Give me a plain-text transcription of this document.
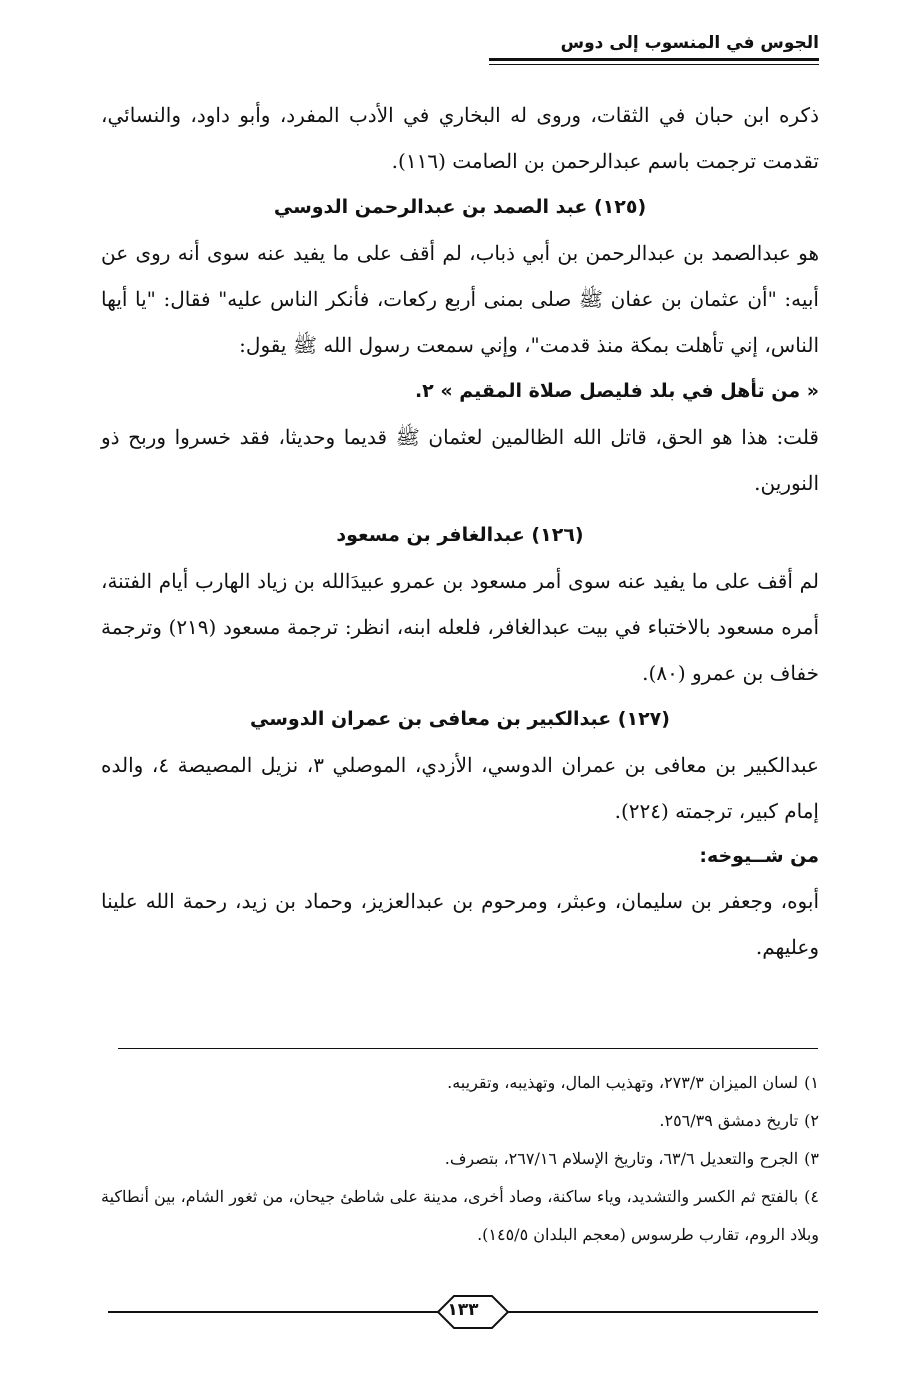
الجوس في المنسوب إلى دوس

ذكره ابن حبان في الثقات، وروى له البخاري في الأدب المفرد، وأبو داود، والنسائي، تقدمت ترجمت باسم عبدالرحمن بن الصامت (١١٦).

(١٢٥) عبد الصمد بن عبدالرحمن الدوسي

هو عبدالصمد بن عبدالرحمن بن أبي ذباب، لم أقف على ما يفيد عنه سوى أنه روى عن أبيه: "أن عثمان بن عفان ﷺ صلى بمنى أربع ركعات، فأنكر الناس عليه" فقال: "يا أيها الناس، إني تأهلت بمكة منذ قدمت"، وإني سمعت رسول الله ﷺ يقول:

« من تأهل في بلد فليصل صلاة المقيم » ٢.

قلت: هذا هو الحق، قاتل الله الظالمين لعثمان ﷺ قديما وحديثا، فقد خسروا وربح ذو النورين.

(١٢٦) عبدالغافر بن مسعود

لم أقف على ما يفيد عنه سوى أمر مسعود بن عمرو عبيدَالله بن زياد الهارب أيام الفتنة، أمره مسعود بالاختباء في بيت عبدالغافر، فلعله ابنه، انظر: ترجمة مسعود (٢١٩) وترجمة خفاف بن عمرو (٨٠).

(١٢٧) عبدالكبير بن معافى بن عمران الدوسي

عبدالكبير بن معافى بن عمران الدوسي، الأزدي، الموصلي ٣، نزيل المصيصة ٤، والده إمام كبير، ترجمته (٢٢٤).

من شــيوخه:

أبوه، وجعفر بن سليمان، وعبثر، ومرحوم بن عبدالعزيز، وحماد بن زيد، رحمة الله علينا وعليهم.

١)لسان الميزان ٢٧٣/٣، وتهذيب المال، وتهذيبه، وتقريبه.

٢)تاريخ دمشق ٢٥٦/٣٩.

٣)الجرح والتعديل ٦٣/٦، وتاريخ الإسلام ٢٦٧/١٦، بتصرف.

٤)بالفتح ثم الكسر والتشديد، وياء ساكنة، وصاد أخرى، مدينة على شاطئ جيحان، من ثغور الشام، بين أنطاكية وبلاد الروم، تقارب طرسوس (معجم البلدان ١٤٥/٥).

١٣٣
